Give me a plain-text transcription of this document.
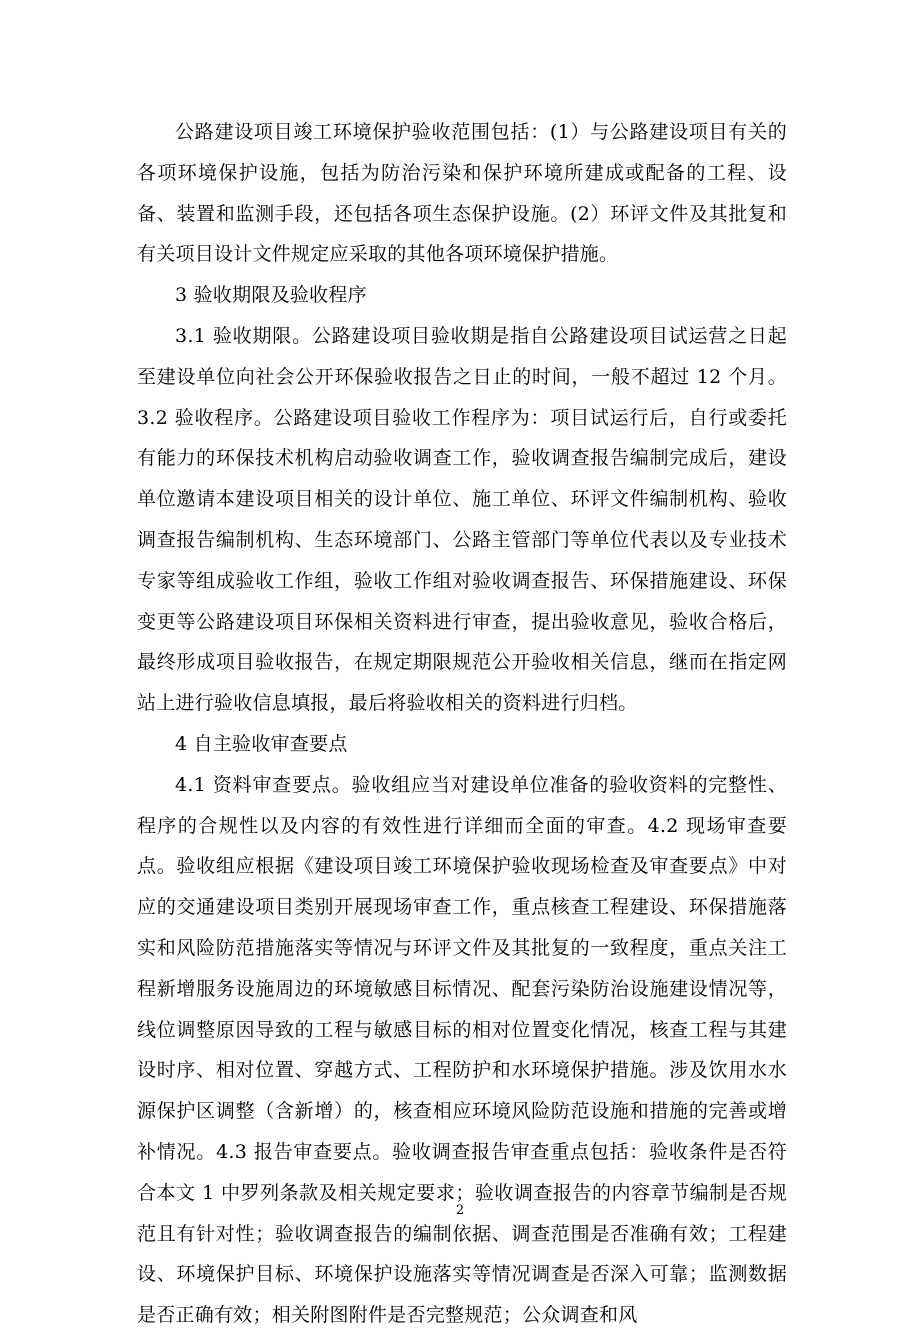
公路建设项目竣工环境保护验收范围包括：(1）与公路建设项目有关的各项环境保护设施，包括为防治污染和保护环境所建成或配备的工程、设备、装置和监测手段，还包括各项生态保护设施。(2）环评文件及其批复和有关项目设计文件规定应采取的其他各项环境保护措施。

3 验收期限及验收程序

3.1 验收期限。公路建设项目验收期是指自公路建设项目试运营之日起至建设单位向社会公开环保验收报告之日止的时间，一般不超过 12 个月。3.2 验收程序。公路建设项目验收工作程序为：项目试运行后，自行或委托有能力的环保技术机构启动验收调查工作，验收调查报告编制完成后，建设单位邀请本建设项目相关的设计单位、施工单位、环评文件编制机构、验收调查报告编制机构、生态环境部门、公路主管部门等单位代表以及专业技术专家等组成验收工作组，验收工作组对验收调查报告、环保措施建设、环保变更等公路建设项目环保相关资料进行审查，提出验收意见，验收合格后，最终形成项目验收报告，在规定期限规范公开验收相关信息，继而在指定网站上进行验收信息填报，最后将验收相关的资料进行归档。

4 自主验收审查要点

4.1 资料审查要点。验收组应当对建设单位准备的验收资料的完整性、程序的合规性以及内容的有效性进行详细而全面的审查。4.2 现场审查要点。验收组应根据《建设项目竣工环境保护验收现场检查及审查要点》中对应的交通建设项目类别开展现场审查工作，重点核查工程建设、环保措施落实和风险防范措施落实等情况与环评文件及其批复的一致程度，重点关注工程新增服务设施周边的环境敏感目标情况、配套污染防治设施建设情况等，线位调整原因导致的工程与敏感目标的相对位置变化情况，核查工程与其建设时序、相对位置、穿越方式、工程防护和水环境保护措施。涉及饮用水水源保护区调整（含新增）的，核查相应环境风险防范设施和措施的完善或增补情况。4.3 报告审查要点。验收调查报告审查重点包括：验收条件是否符合本文 1 中罗列条款及相关规定要求；验收调查报告的内容章节编制是否规范且有针对性；验收调查报告的编制依据、调查范围是否准确有效；工程建设、环境保护目标、环境保护设施落实等情况调查是否深入可靠；监测数据是否正确有效；相关附图附件是否完整规范；公众调查和风

2
